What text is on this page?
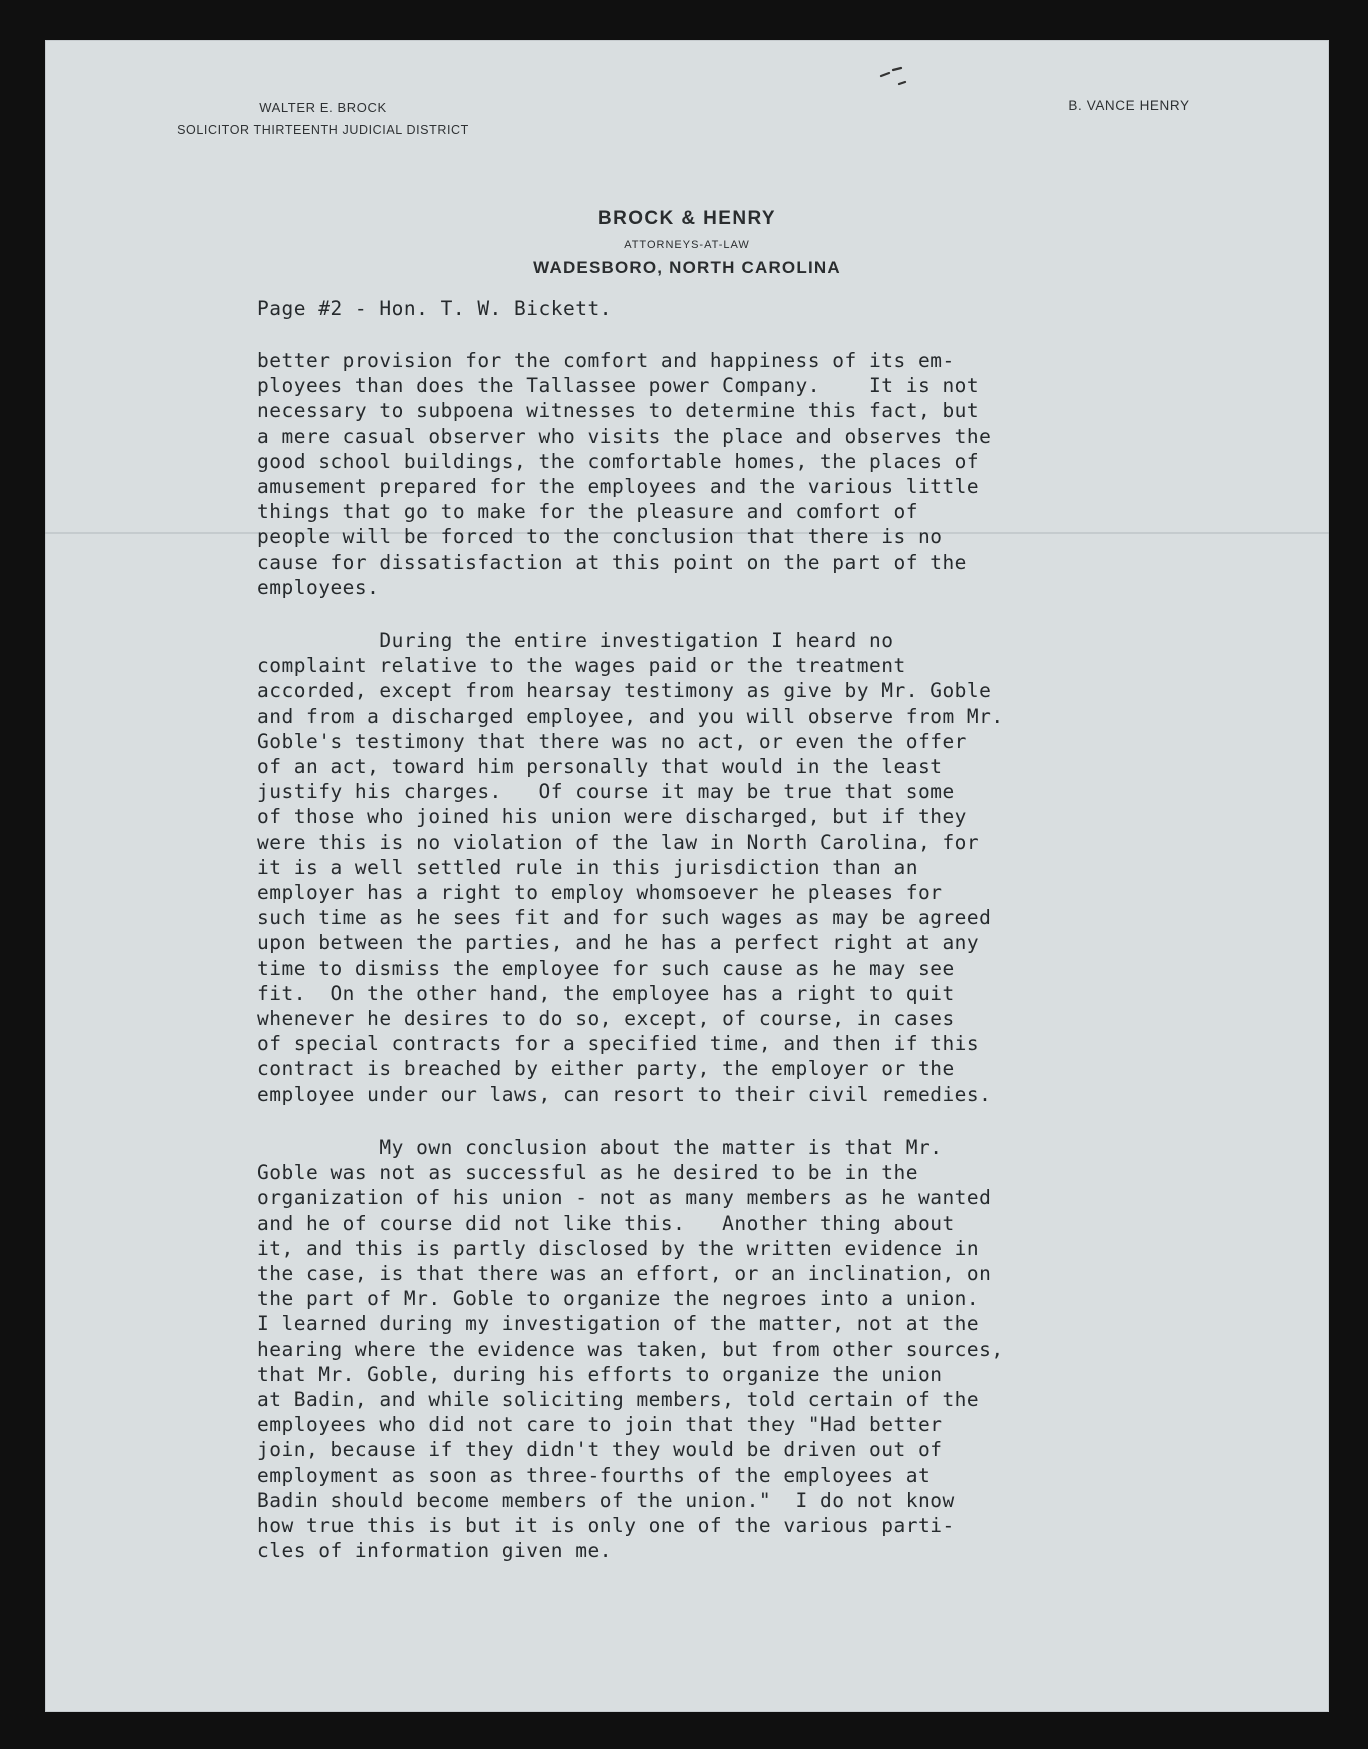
WALTER E. BROCK
SOLICITOR THIRTEENTH JUDICIAL DISTRICT
B. VANCE HENRY
BROCK & HENRY
ATTORNEYS-AT-LAW
WADESBORO, NORTH CAROLINA
Page #2 - Hon. T. W. Bickett.
better provision for the comfort and happiness of its em-
ployees than does the Tallassee power Company.    It is not
necessary to subpoena witnesses to determine this fact, but
a mere casual observer who visits the place and observes the
good school buildings, the comfortable homes, the places of
amusement prepared for the employees and the various little
things that go to make for the pleasure and comfort of
people will be forced to the conclusion that there is no
cause for dissatisfaction at this point on the part of the
employees.
During the entire investigation I heard no
complaint relative to the wages paid or the treatment
accorded, except from hearsay testimony as give by Mr. Goble
and from a discharged employee, and you will observe from Mr.
Goble's testimony that there was no act, or even the offer
of an act, toward him personally that would in the least
justify his charges.   Of course it may be true that some
of those who joined his union were discharged, but if they
were this is no violation of the law in North Carolina, for
it is a well settled rule in this jurisdiction than an
employer has a right to employ whomsoever he pleases for
such time as he sees fit and for such wages as may be agreed
upon between the parties, and he has a perfect right at any
time to dismiss the employee for such cause as he may see
fit.  On the other hand, the employee has a right to quit
whenever he desires to do so, except, of course, in cases
of special contracts for a specified time, and then if this
contract is breached by either party, the employer or the
employee under our laws, can resort to their civil remedies.
My own conclusion about the matter is that Mr.
Goble was not as successful as he desired to be in the
organization of his union - not as many members as he wanted
and he of course did not like this.   Another thing about
it, and this is partly disclosed by the written evidence in
the case, is that there was an effort, or an inclination, on
the part of Mr. Goble to organize the negroes into a union.
I learned during my investigation of the matter, not at the
hearing where the evidence was taken, but from other sources,
that Mr. Goble, during his efforts to organize the union
at Badin, and while soliciting members, told certain of the
employees who did not care to join that they "Had better
join, because if they didn't they would be driven out of
employment as soon as three-fourths of the employees at
Badin should become members of the union."  I do not know
how true this is but it is only one of the various parti-
cles of information given me.
